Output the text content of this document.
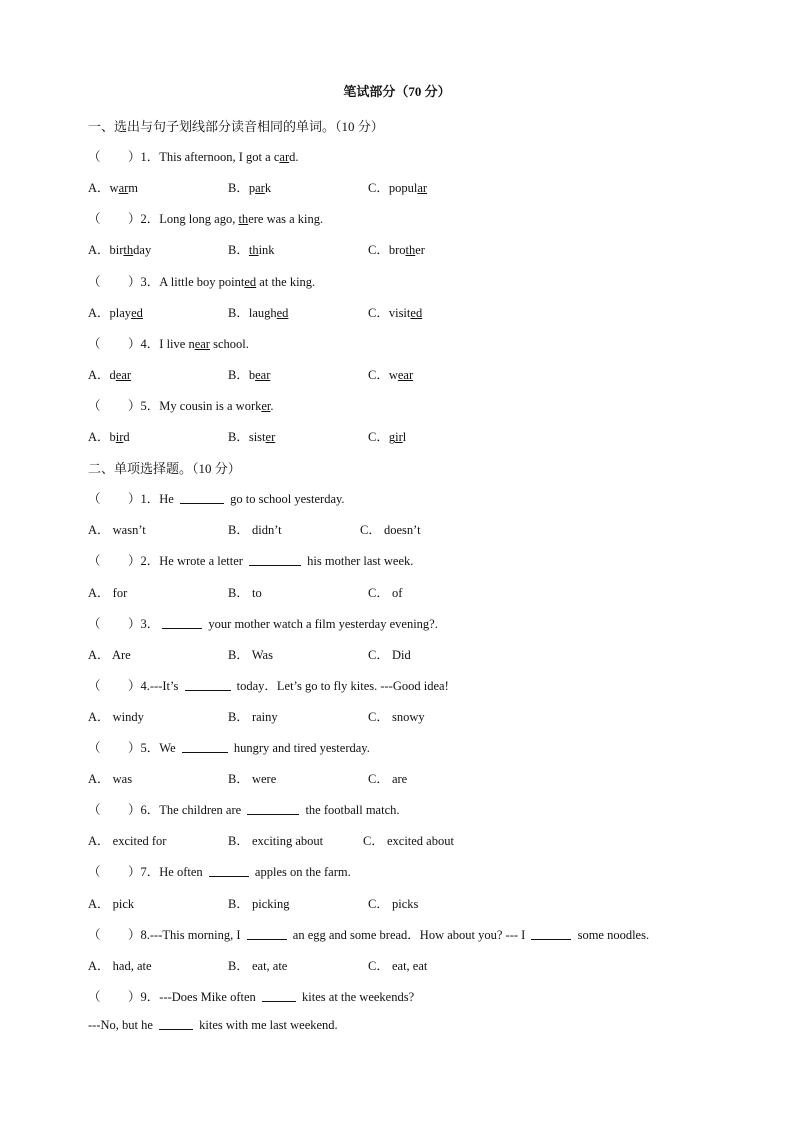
笔试部分（70 分）
一、选出与句子划线部分读音相同的单词。（10 分）
（ ）1．This afternoon, I got a card.
A．warm	B．park	C．popular
（ ）2．Long long ago, there was a king.
A．birthday	B．think	C．brother
（ ）3．A little boy pointed at the king.
A．played	B．laughed	C．visited
（ ）4．I live near school.
A．dear	B．bear	C．wear
（ ）5．My cousin is a worker.
A．bird	B．sister	C．girl
二、单项选择题。（10 分）
（ ）1．He	go to school yesterday.
A． wasn’t	B． didn’t	C． doesn’t
（ ）2．He wrote a letter	his mother last week.
A． for	B． to	C． of
（ ）3．	your mother watch a film yesterday evening?.
A． Are	B． Was	C． Did
（ ）4.---It’s	today．Let’s go to fly kites. ---Good idea!
A． windy	B． rainy	C． snowy
（ ）5．We	hungry and tired yesterday.
A． was	B． were	C． are
（ ）6．The children are	the football match.
A． excited for	B． exciting about	C． excited about
（ ）7．He often	apples on the farm.
A． pick	B． picking	C． picks
（ ）8.---This morning, I	an egg and some bread．How about you? --- I	some noodles.
A． had, ate	B． eat, ate	C． eat, eat
（ ）9．---Does Mike often	kites at the weekends?
---No, but he	kites with me last weekend.
